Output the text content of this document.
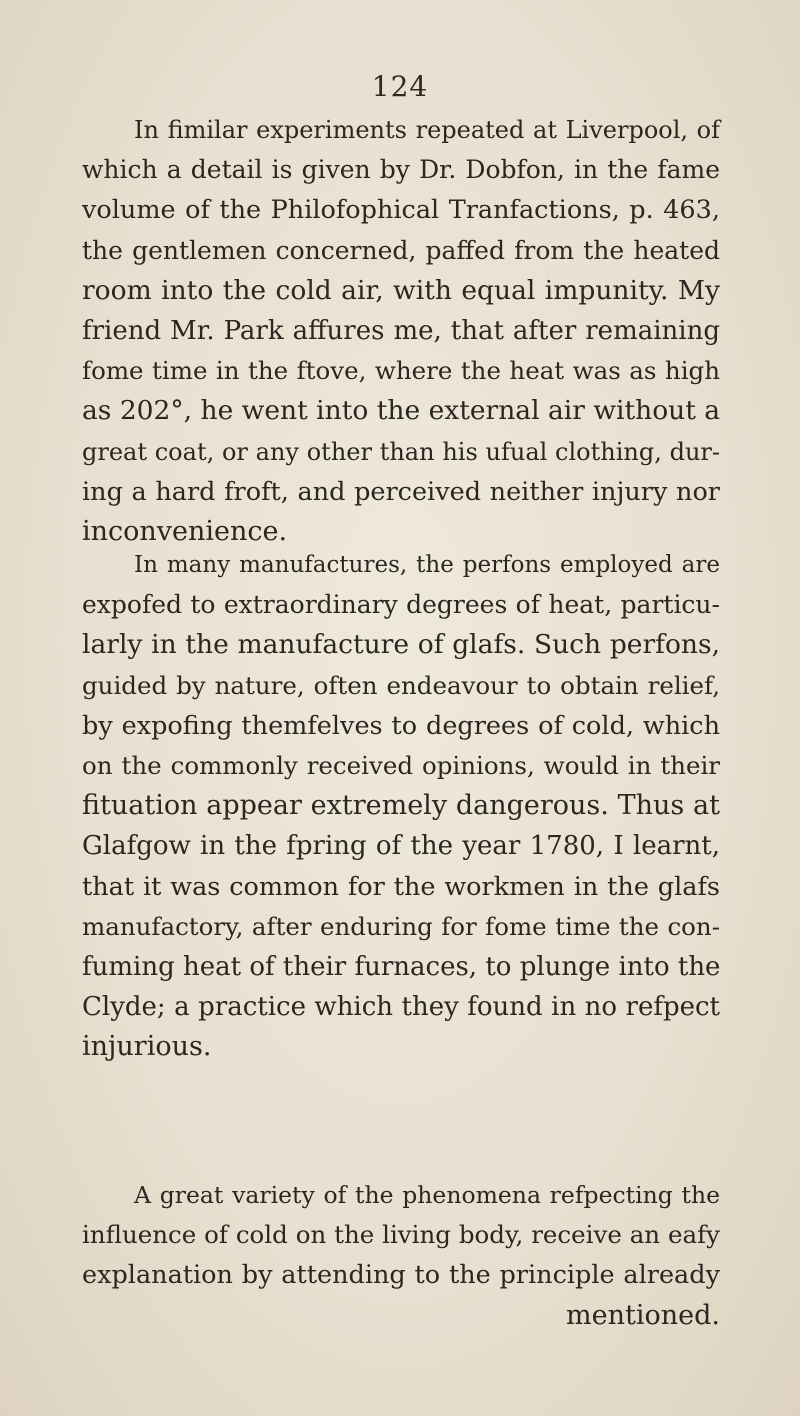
124
In fimilar experiments repeated at Liverpool, of
which a detail is given by Dr. Dobfon, in the fame
volume of the Philofophical Tranfactions, p. 463,
the gentlemen concerned, paffed from the heated
room into the cold air, with equal impunity. My
friend Mr. Park affures me, that after remaining
fome time in the ftove, where the heat was as high
as 202°, he went into the external air without a
great coat, or any other than his ufual clothing, dur-
ing a hard froft, and perceived neither injury nor
inconvenience.
In many manufactures, the perfons employed are
expofed to extraordinary degrees of heat, particu-
larly in the manufacture of glafs. Such perfons,
guided by nature, often endeavour to obtain relief,
by expofing themfelves to degrees of cold, which
on the commonly received opinions, would in their
fituation appear extremely dangerous. Thus at
Glafgow in the fpring of the year 1780, I learnt,
that it was common for the workmen in the glafs
manufactory, after enduring for fome time the con-
fuming heat of their furnaces, to plunge into the
Clyde; a practice which they found in no refpect
injurious.
A great variety of the phenomena refpecting the
influence of cold on the living body, receive an eafy
explanation by attending to the principle already
mentioned.
